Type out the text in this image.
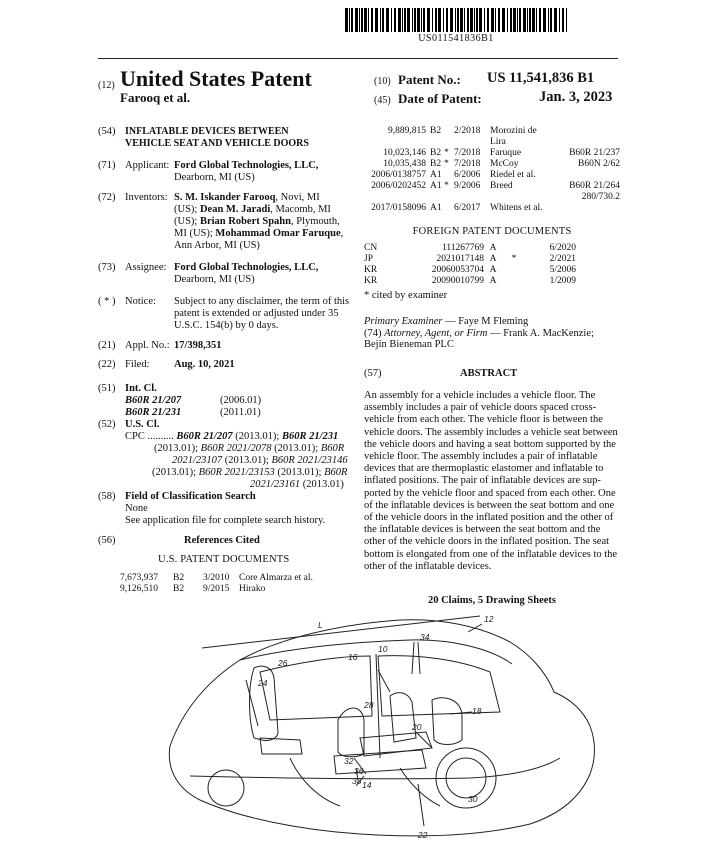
US011541836B1
(12) United States Patent
Farooq et al.
(10) Patent No.: US 11,541,836 B1
(45) Date of Patent:	Jan. 3, 2023
(54) INFLATABLE DEVICES BETWEEN
VEHICLE SEAT AND VEHICLE DOORS
(71) Applicant: Ford Global Technologies, LLC,
Dearborn, MI (US)
(72) Inventors: S. M. Iskander Farooq, Novi, MI
(US); Dean M. Jaradi, Macomb, MI
(US); Brian Robert Spahn, Plymouth,
MI (US); Mohammad Omar Faruque,
Ann Arbor, MI (US)
(73) Assignee: Ford Global Technologies, LLC,
Dearborn, MI (US)
( * ) Notice: Subject to any disclaimer, the term of this
patent is extended or adjusted under 35
U.S.C. 154(b) by 0 days.
(21) Appl. No.: 17/398,351
(22) Filed: Aug. 10, 2021
(51) Int. Cl.
B60R 21/207	(2006.01)
B60R 21/231	(2011.01)
(52) U.S. Cl.
CPC .......... B60R 21/207 (2013.01); B60R 21/231
(2013.01); B60R 2021/2078 (2013.01); B60R
2021/23107 (2013.01); B60R 2021/23146
(2013.01); B60R 2021/23153 (2013.01); B60R
2021/23161 (2013.01)
(58) Field of Classification Search
None
See application file for complete search history.
(56)	References Cited
U.S. PATENT DOCUMENTS
7,673,937	B2	3/2010	Core Almarza et al.
9,126,510	B2	9/2015	Hirako
9,889,815 B2	2/2018	Morozini de Lira
10,023,146 B2 * 7/2018	Faruque	B60R 21/237
10,035,438 B2 * 7/2018	McCoy	B60N 2/62
2006/0138757 A1 6/2006	Riedel et al.
2006/0202452 A1 * 9/2006	Breed	B60R 21/264
280/730.2
2017/0158096 A1 6/2017	Whitens et al.
FOREIGN PATENT DOCUMENTS
CN	111267769 A	6/2020
JP	2021017148 A	*	2/2021
KR	20060053704 A	5/2006
KR	20090010799 A	1/2009
* cited by examiner
Primary Examiner — Faye M Fleming
(74) Attorney, Agent, or Firm — Frank A. MacKenzie;
Bejin Bieneman PLC
(57)	ABSTRACT
An assembly for a vehicle includes a vehicle floor. The
assembly includes a pair of vehicle doors spaced cross-
vehicle from each other. The vehicle floor is between the
vehicle doors. The assembly includes a vehicle seat between
the vehicle doors and having a seat bottom supported by the
vehicle floor. The assembly includes a pair of inflatable
devices that are thermoplastic elastomer and inflatable to
inflated positions. The pair of inflatable devices are sup-
ported by the vehicle floor and spaced from each other. One
of the inflatable devices is between the seat bottom and one
of the vehicle doors in the inflated position and the other of
the inflatable devices is between the seat bottom and the
other of the vehicle doors in the inflated position. The seat
bottom is elongated from one of the inflatable devices to the
other of the inflatable devices.
20 Claims, 5 Drawing Sheets
12
L
34
10
26
16
24
28
32
18
20
30
36
38 14
22
